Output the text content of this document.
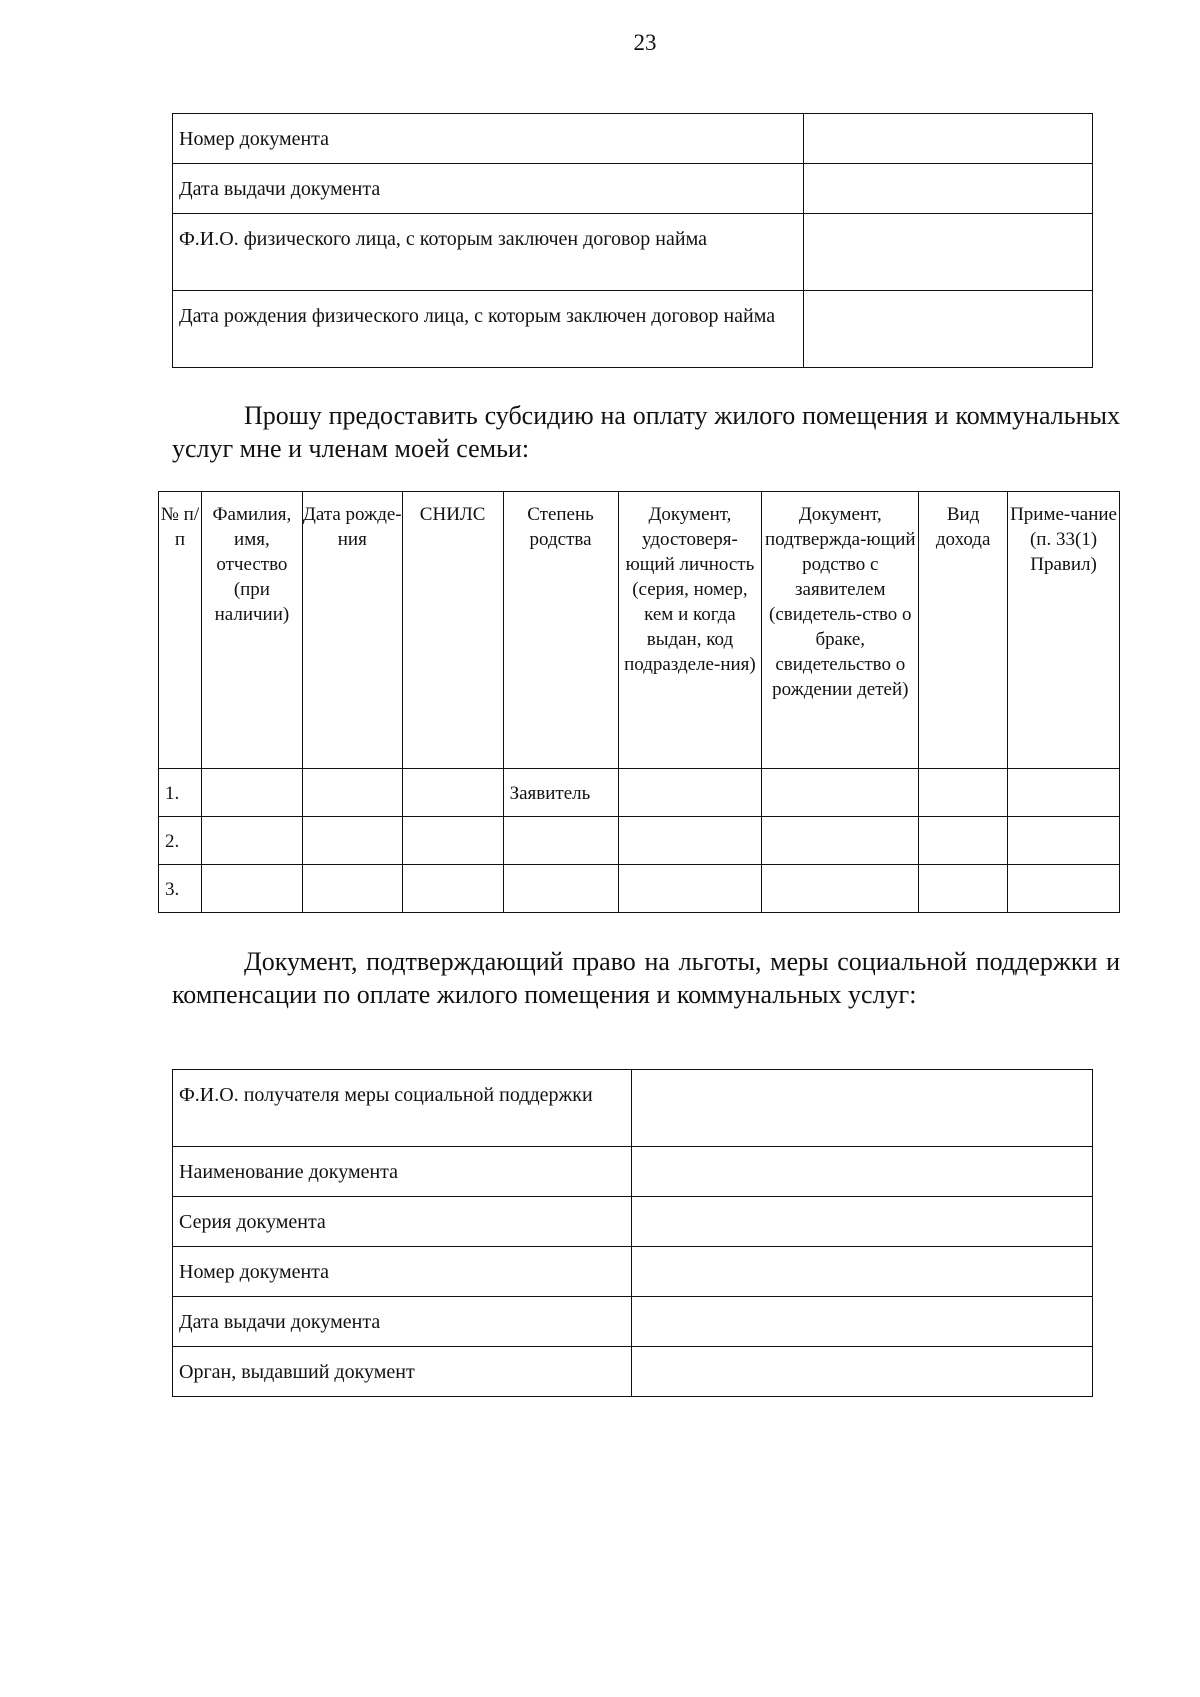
23
Номер документа	
Дата выдачи документа	
Ф.И.О. физического лица, с которым заключен договор найма	
Дата рождения физического лица, с которым заключен договор найма	
Прошу предоставить субсидию на оплату жилого помещения и коммунальных услуг мне и членам моей семьи:
№ п/п	Фамилия, имя, отчество (при наличии)	Дата рожде-ния	СНИЛС	Степень родства	Документ, удостоверя-ющий личность (серия, номер, кем и когда выдан, код подразделе-ния)	Документ, подтвержда-ющий родство с заявителем (свидетель-ство о браке, свидетельство о рождении детей)	Вид дохода	Приме-чание (п. 33(1) Правил)
1.				Заявитель				
2.								
3.								
Документ, подтверждающий право на льготы, меры социальной поддержки и компенсации по оплате жилого помещения и коммунальных услуг:
Ф.И.О. получателя меры социальной поддержки	
Наименование документа	
Серия документа	
Номер документа	
Дата выдачи документа	
Орган, выдавший документ	
